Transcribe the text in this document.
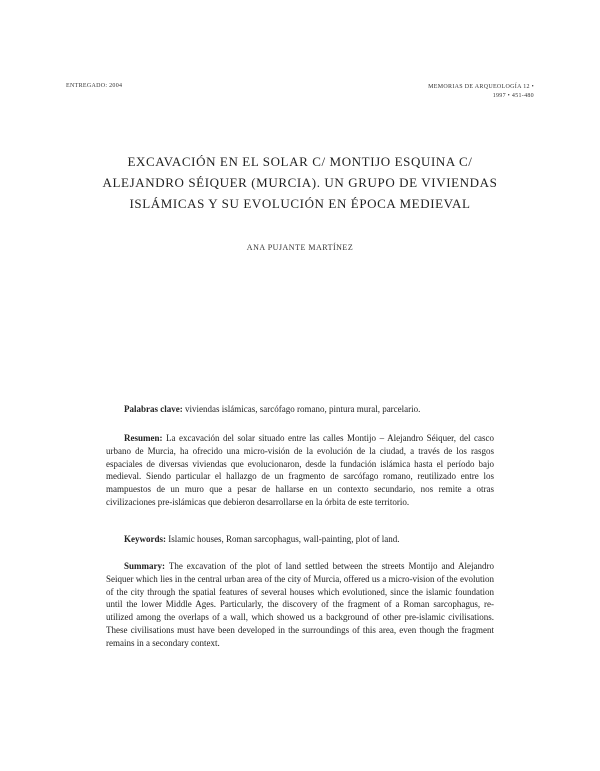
ENTREGADO: 2004	MEMORIAS DE ARQUEOLOGÍA 12 •
1997 • 451-480
EXCAVACIÓN EN EL SOLAR C/ MONTIJO ESQUINA C/ ALEJANDRO SÉIQUER (MURCIA). UN GRUPO DE VIVIENDAS ISLÁMICAS Y SU EVOLUCIÓN EN ÉPOCA MEDIEVAL
ANA PUJANTE MARTÍNEZ

Palabras clave: viviendas islámicas, sarcófago romano, pintura mural, parcelario.

Resumen: La excavación del solar situado entre las calles Montijo – Alejandro Séiquer, del casco urbano de Murcia, ha ofrecido una micro-visión de la evolución de la ciudad, a través de los rasgos espaciales de diversas viviendas que evolucionaron, desde la fundación islámica hasta el período bajo medieval. Siendo particular el hallazgo de un fragmento de sarcófago romano, reutilizado entre los mampuestos de un muro que a pesar de hallarse en un contexto secundario, nos remite a otras civilizaciones pre-islámicas que debieron desarrollarse en la órbita de este territorio.

Keywords: Islamic houses, Roman sarcophagus, wall-painting, plot of land.

Summary: The excavation of the plot of land settled between the streets Montijo and Alejandro Seiquer which lies in the central urban area of the city of Murcia, offered us a micro-vision of the evolution of the city through the spatial features of several houses which evolutioned, since the islamic foundation until the lower Middle Ages. Particularly, the discovery of the fragment of a Roman sarcophagus, re-utilized among the overlaps of a wall, which showed us a background of other pre-islamic civilisations. These civilisations must have been developed in the surroundings of this area, even though the fragment remains in a secondary context.
